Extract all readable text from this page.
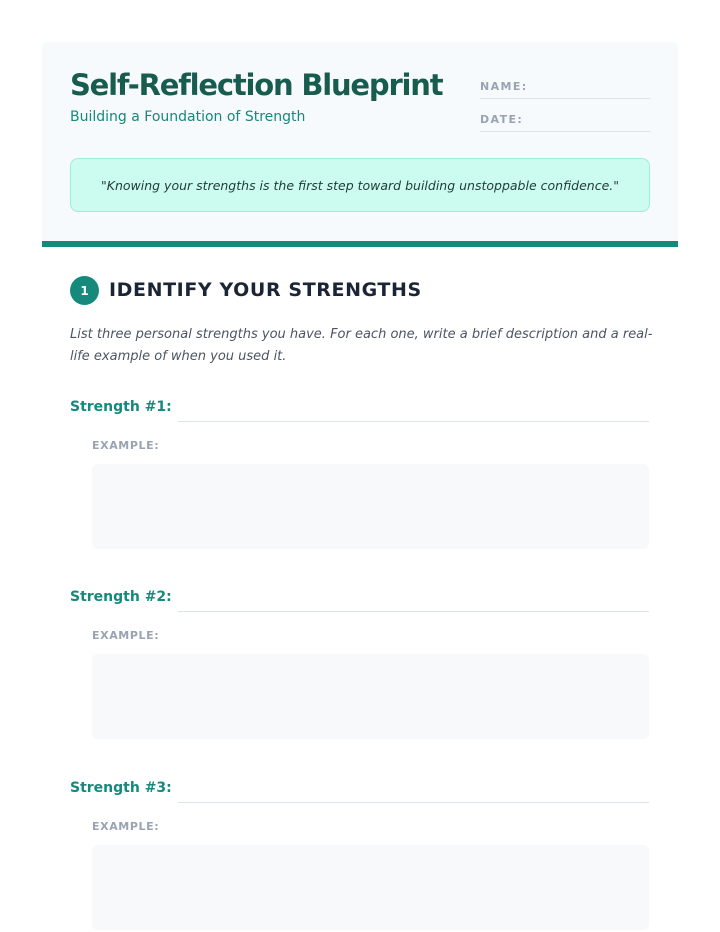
Self-Reflection Blueprint
Building a Foundation of Strength
NAME:
DATE:
"Knowing your strengths is the first step toward building unstoppable confidence."
1	IDENTIFY YOUR STRENGTHS

List three personal strengths you have. For each one, write a brief description and a real-life example of when you used it.

Strength #1:
EXAMPLE:
Strength #2:
EXAMPLE:
Strength #3:
EXAMPLE:
